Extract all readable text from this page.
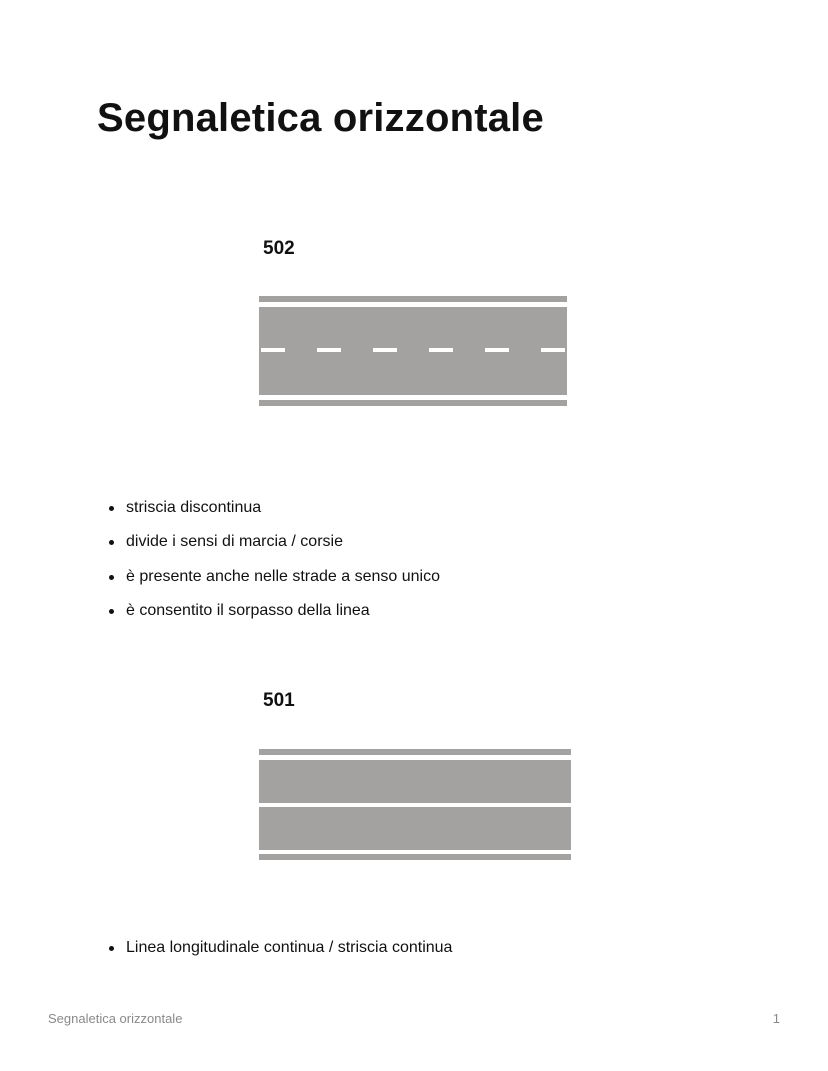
Segnaletica orizzontale
502
striscia discontinua
divide i sensi di marcia / corsie
è presente anche nelle strade a senso unico
è consentito il sorpasso della linea
501
Linea longitudinale continua / striscia continua
Segnaletica orizzontale	1
